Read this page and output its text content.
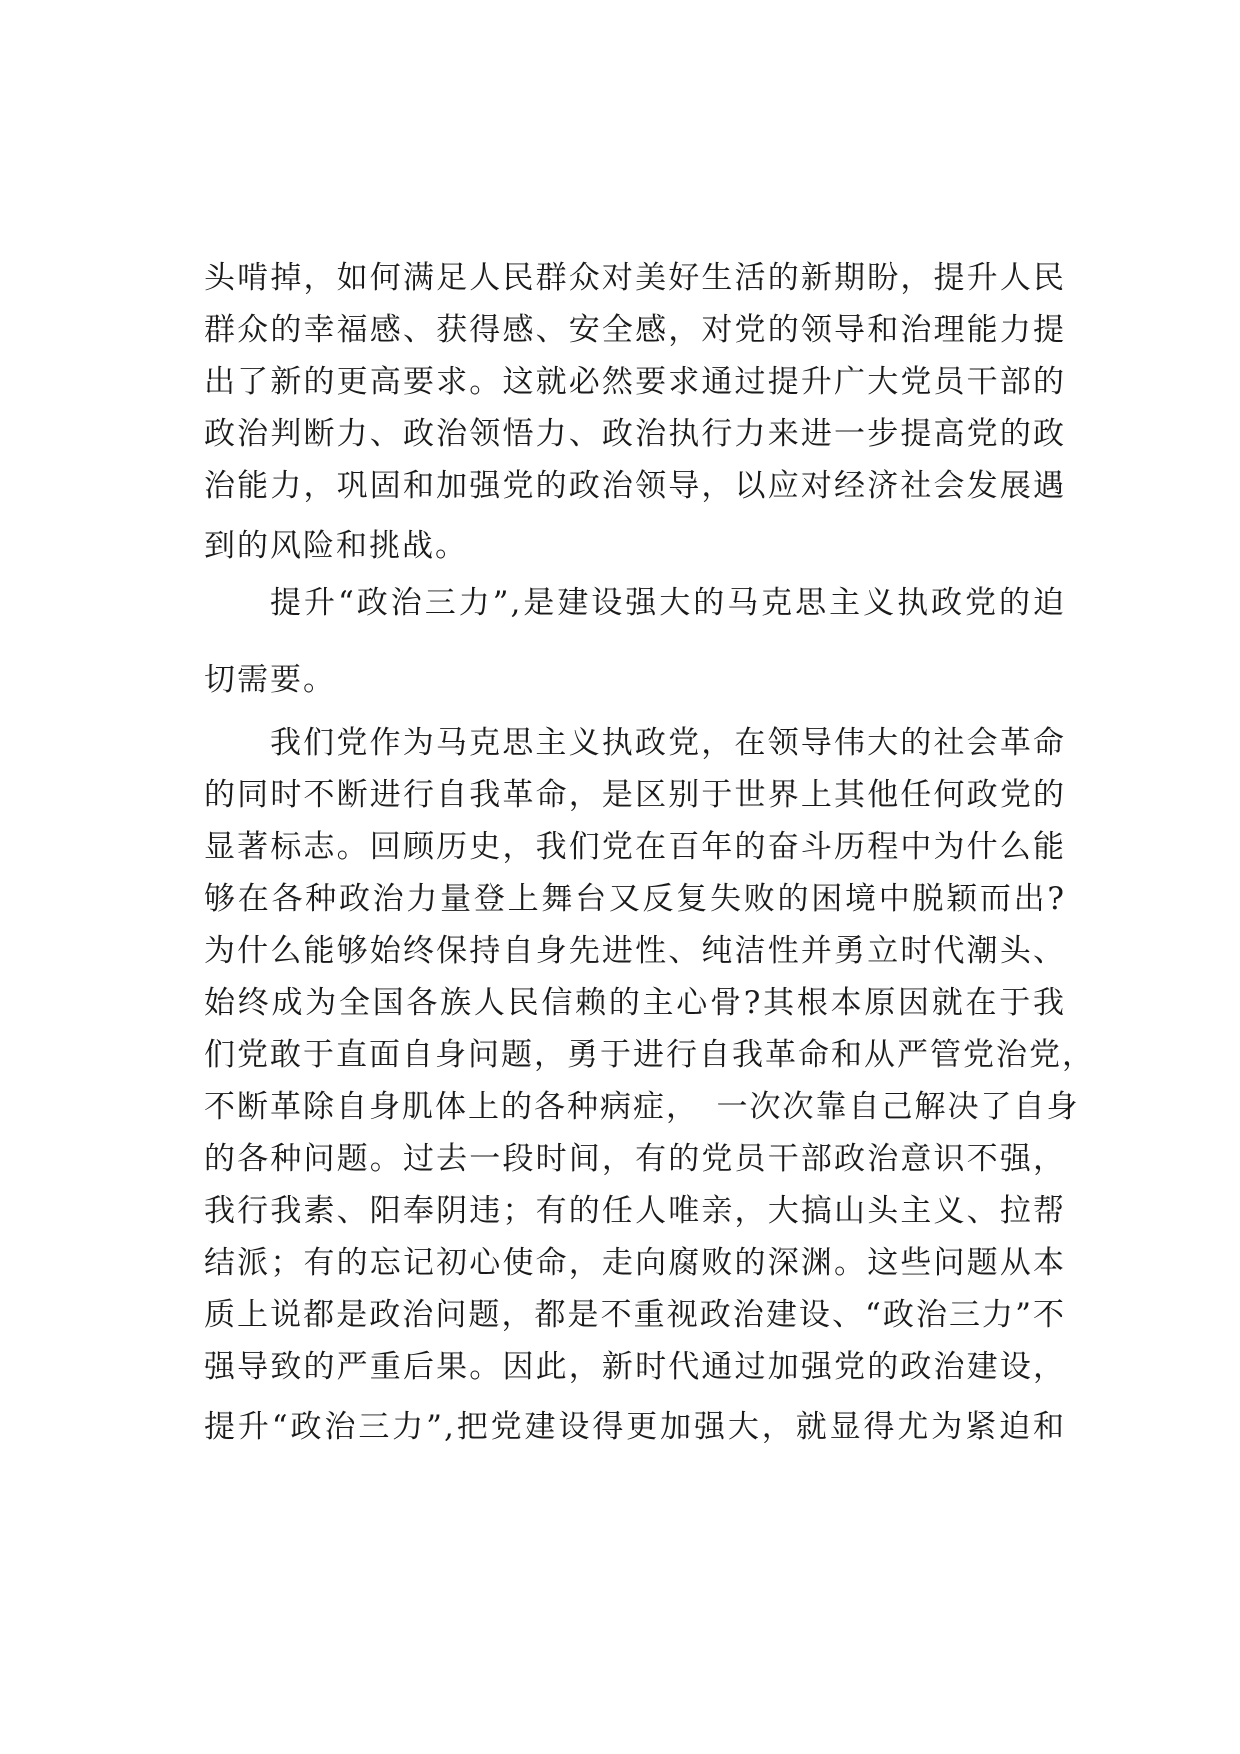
头啃掉，如何满足人民群众对美好生活的新期盼，提升人民
群众的幸福感、获得感、安全感，对党的领导和治理能力提
出了新的更高要求。这就必然要求通过提升广大党员干部的
政治判断力、政治领悟力、政治执行力来进一步提高党的政
治能力，巩固和加强党的政治领导，以应对经济社会发展遇
到的风险和挑战。
提升“政治三力”,是建设强大的马克思主义执政党的迫
切需要。
我们党作为马克思主义执政党，在领导伟大的社会革命
的同时不断进行自我革命，是区别于世界上其他任何政党的
显著标志。回顾历史，我们党在百年的奋斗历程中为什么能
够在各种政治力量登上舞台又反复失败的困境中脱颖而出?
为什么能够始终保持自身先进性、纯洁性并勇立时代潮头、
始终成为全国各族人民信赖的主心骨?其根本原因就在于我
们党敢于直面自身问题，勇于进行自我革命和从严管党治党，
不断革除自身肌体上的各种病症，　一次次靠自己解决了自身
的各种问题。过去一段时间，有的党员干部政治意识不强，
我行我素、阳奉阴违；有的任人唯亲，大搞山头主义、拉帮
结派；有的忘记初心使命，走向腐败的深渊。这些问题从本
质上说都是政治问题，都是不重视政治建设、“政治三力”不
强导致的严重后果。因此，新时代通过加强党的政治建设，
提升“政治三力”,把党建设得更加强大，就显得尤为紧迫和
